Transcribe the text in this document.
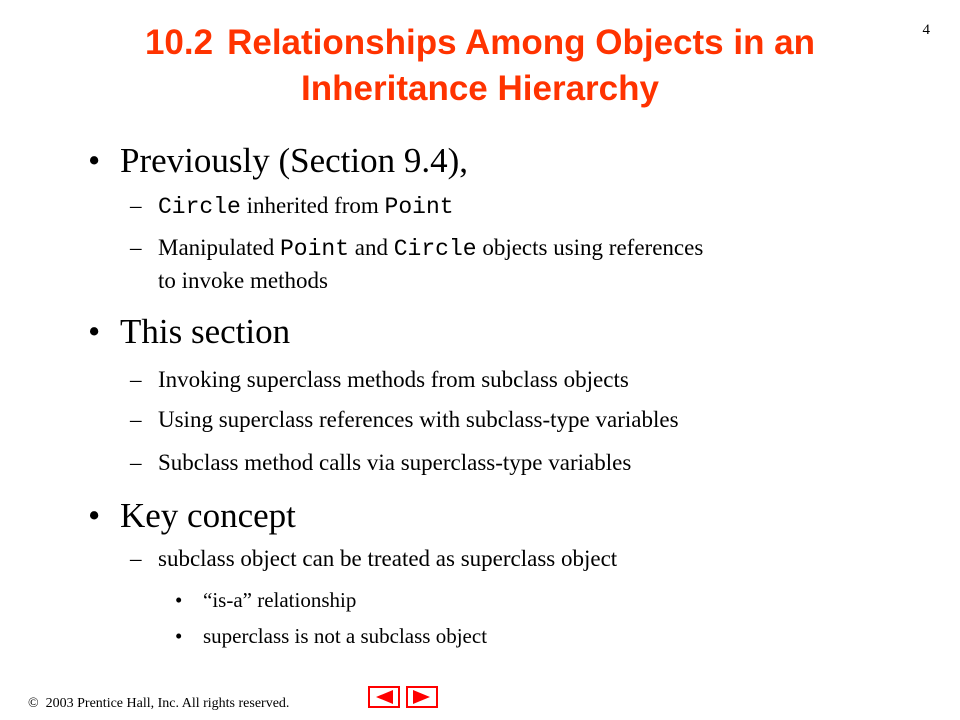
4
10.2 Relationships Among Objects in an
Inheritance Hierarchy
• Previously (Section 9.4),
– Circle inherited from Point
– Manipulated Point and Circle objects using references
to invoke methods
• This section
– Invoking superclass methods from subclass objects
– Using superclass references with subclass-type variables
– Subclass method calls via superclass-type variables
• Key concept
– subclass object can be treated as superclass object
• “is-a” relationship
• superclass is not a subclass object
© 2003 Prentice Hall, Inc. All rights reserved.
